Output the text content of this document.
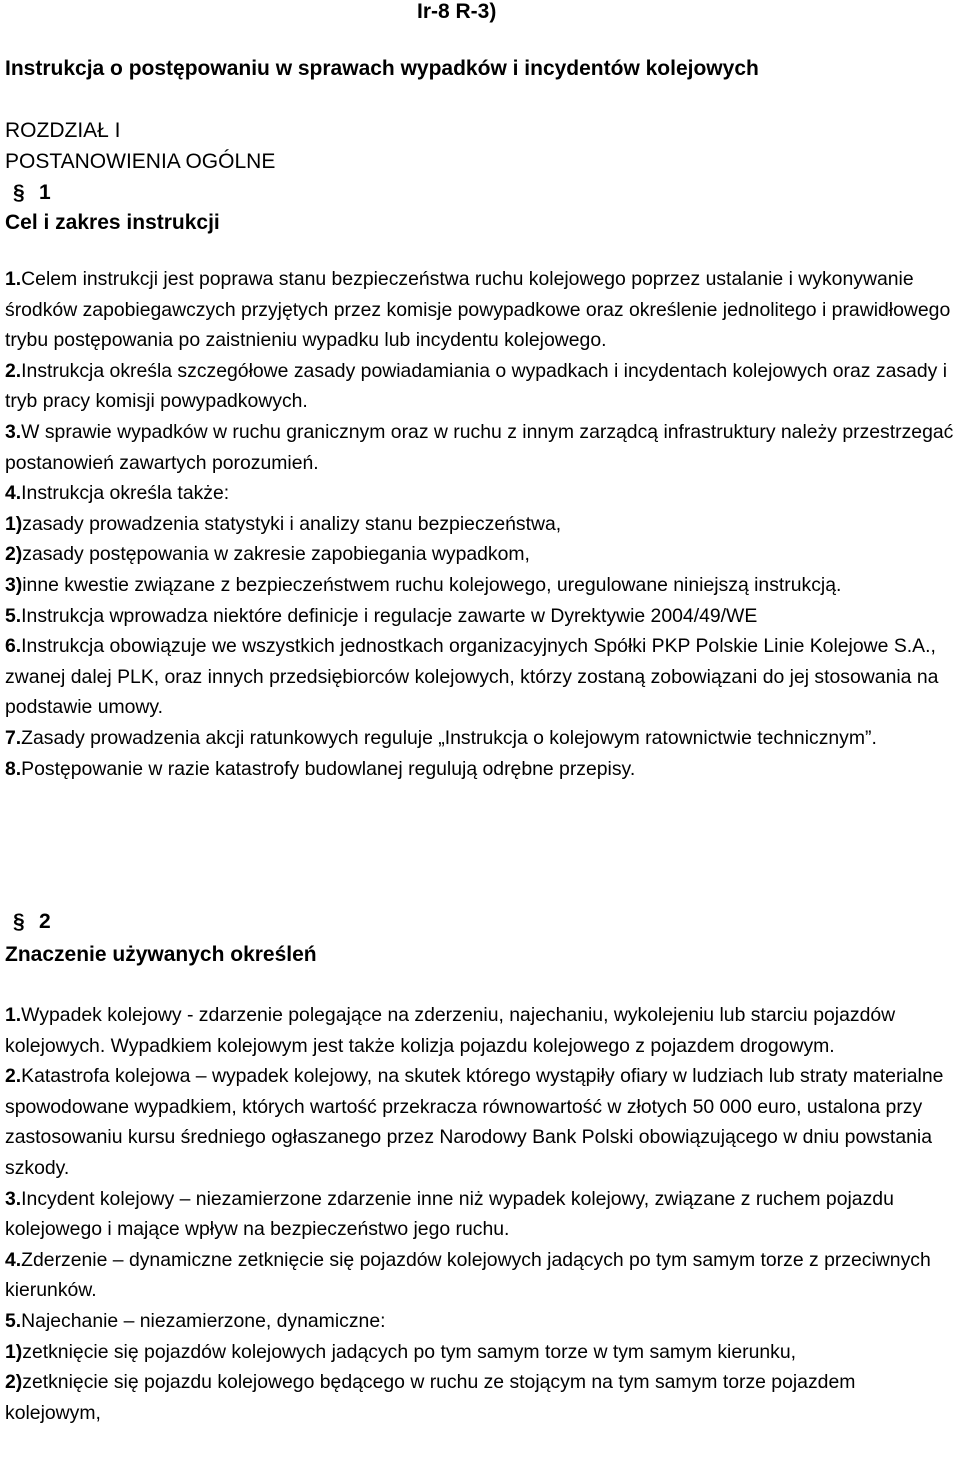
Ir-8 R-3)
Instrukcja o postępowaniu w sprawach wypadków i incydentów kolejowych
ROZDZIAŁ I
POSTANOWIENIA OGÓLNE
§ 1
Cel i zakres instrukcji

1.Celem instrukcji jest poprawa stanu bezpieczeństwa ruchu kolejowego poprzez ustalanie i wykonywanie środków zapobiegawczych przyjętych przez komisje powypadkowe oraz określenie jednolitego i prawidłowego trybu postępowania po zaistnieniu wypadku lub incydentu kolejowego.

2.Instrukcja określa szczegółowe zasady powiadamiania o wypadkach i incydentach kolejowych oraz zasady i tryb pracy komisji powypadkowych.

3.W sprawie wypadków w ruchu granicznym oraz w ruchu z innym zarządcą infrastruktury należy przestrzegać postanowień zawartych porozumień.

4.Instrukcja określa także:

1)zasady prowadzenia statystyki i analizy stanu bezpieczeństwa,

2)zasady postępowania w zakresie zapobiegania wypadkom,

3)inne kwestie związane z bezpieczeństwem ruchu kolejowego, uregulowane niniejszą instrukcją.

5.Instrukcja wprowadza niektóre definicje i regulacje zawarte w Dyrektywie 2004/49/WE

6.Instrukcja obowiązuje we wszystkich jednostkach organizacyjnych Spółki PKP Polskie Linie Kolejowe S.A., zwanej dalej PLK, oraz innych przedsiębiorców kolejowych, którzy zostaną zobowiązani do jej stosowania na podstawie umowy.

7.Zasady prowadzenia akcji ratunkowych reguluje „Instrukcja o kolejowym ratownictwie technicznym”.

8.Postępowanie w razie katastrofy budowlanej regulują odrębne przepisy.

§ 2
Znaczenie używanych określeń

1.Wypadek kolejowy - zdarzenie polegające na zderzeniu, najechaniu, wykolejeniu lub starciu pojazdów kolejowych. Wypadkiem kolejowym jest także kolizja pojazdu kolejowego z pojazdem drogowym.

2.Katastrofa kolejowa – wypadek kolejowy, na skutek którego wystąpiły ofiary w ludziach lub straty materialne spowodowane wypadkiem, których wartość przekracza równowartość w złotych 50 000 euro, ustalona przy zastosowaniu kursu średniego ogłaszanego przez Narodowy Bank Polski obowiązującego w dniu powstania szkody.

3.Incydent kolejowy – niezamierzone zdarzenie inne niż wypadek kolejowy, związane z ruchem pojazdu kolejowego i mające wpływ na bezpieczeństwo jego ruchu.

4.Zderzenie – dynamiczne zetknięcie się pojazdów kolejowych jadących po tym samym torze z przeciwnych kierunków.

5.Najechanie – niezamierzone, dynamiczne:

1)zetknięcie się pojazdów kolejowych jadących po tym samym torze w tym samym kierunku,

2)zetknięcie się pojazdu kolejowego będącego w ruchu ze stojącym na tym samym torze pojazdem kolejowym,
